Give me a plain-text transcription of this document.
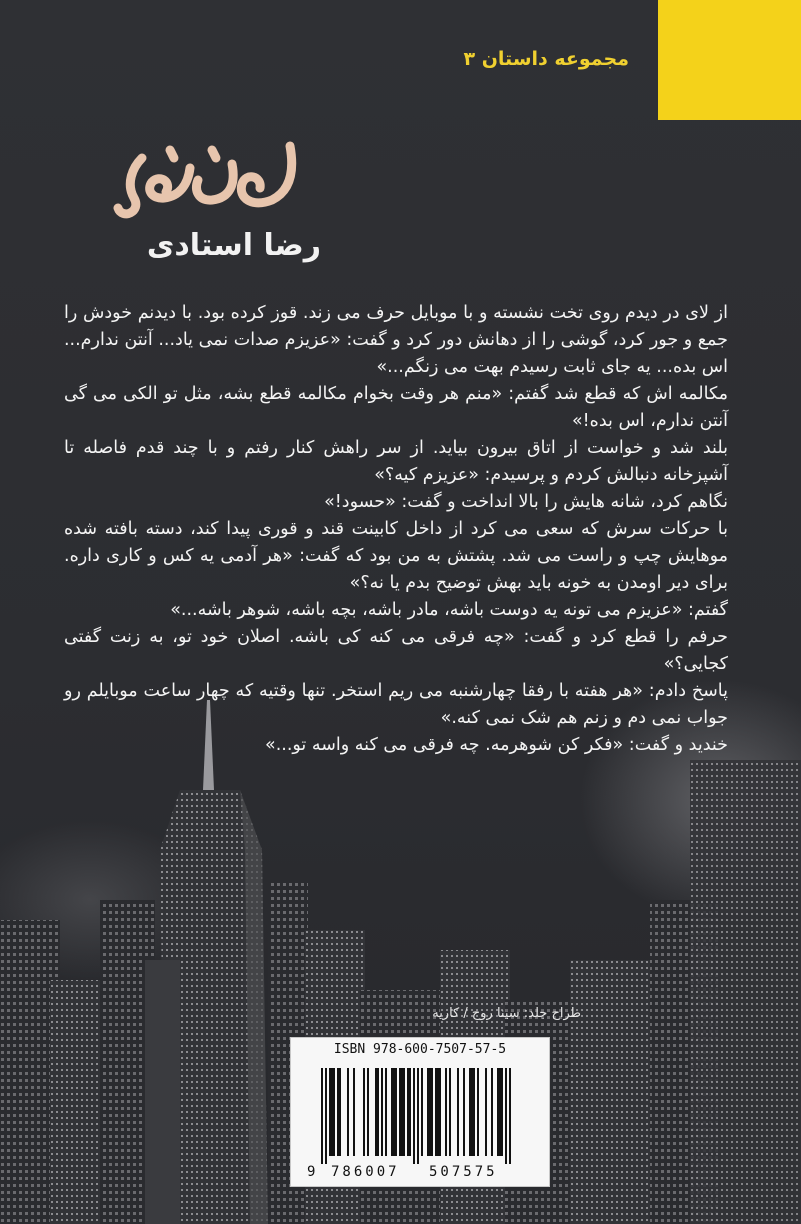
مجموعه داستان ۳
رضا استادی

از لای در دیدم روی تخت نشسته و با موبایل حرف می زند. قوز کرده بود. با دیدنم خودش را جمع و جور کرد، گوشی را از دهانش دور کرد و گفت: «عزیزم صدات نمی یاد... آنتن ندارم... اس بده... یه جای ثابت رسیدم بهت می زنگم...»

مکالمه اش که قطع شد گفتم: «منم هر وقت بخوام مکالمه قطع بشه، مثل تو الکی می گی آنتن ندارم، اس بده!»

بلند شد و خواست از اتاق بیرون بیاید. از سر راهش کنار رفتم و با چند قدم فاصله تا آشپزخانه دنبالش کردم و پرسیدم: «عزیزم کیه؟»

نگاهم کرد، شانه هایش را بالا انداخت و گفت: «حسود!»

با حرکات سرش که سعی می کرد از داخل کابینت قند و قوری پیدا کند، دسته بافته شده موهایش چپ و راست می شد. پشتش به من بود که گفت: «هر آدمی یه کس و کاری داره. برای دیر اومدن به خونه باید بهش توضیح بدم یا نه؟»

گفتم: «عزیزم می تونه یه دوست باشه، مادر باشه، بچه باشه، شوهر باشه...»

حرفم را قطع کرد و گفت: «چه فرقی می کنه کی باشه. اصلان خود تو، به زنت گفتی کجایی؟»

پاسخ دادم: «هر هفته با رفقا چهارشنبه می ریم استخر. تنها وقتیه که چهار ساعت موبایلم رو جواب نمی دم و زنم هم شک نمی کنه.»

خندید و گفت: «فکر کن شوهرمه. چه فرقی می کنه واسه تو...»

طراح جلد: سینا روح / کاریه
ISBN 978-600-7507-57-5
9 786007 507575
